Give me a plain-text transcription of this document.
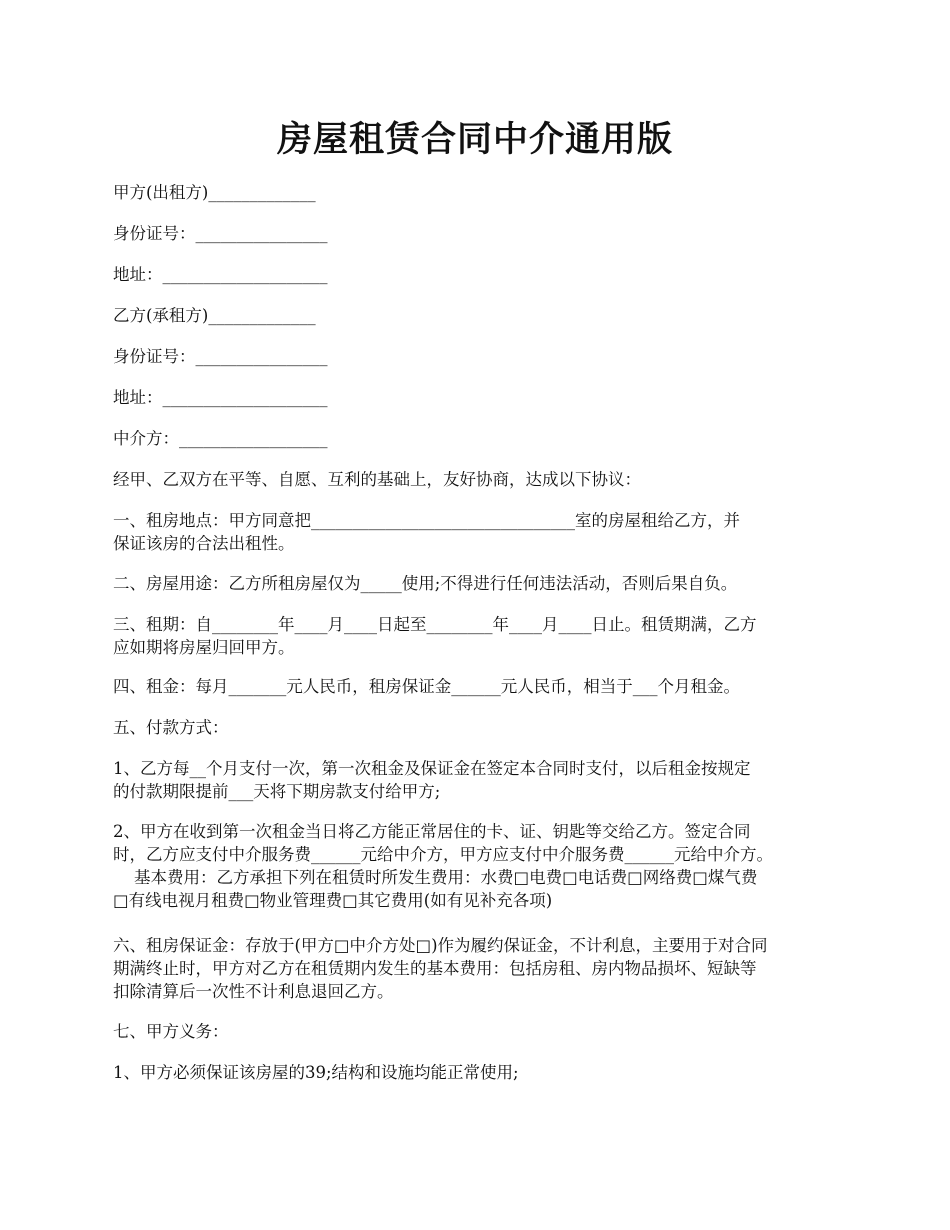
房屋租赁合同中介通用版
甲方(出租方)_____________
身份证号：________________
地址：____________________
乙方(承租方)_____________
身份证号：________________
地址：____________________
中介方：__________________
经甲、乙双方在平等、自愿、互利的基础上，友好协商，达成以下协议：
一、租房地点：甲方同意把________________________________室的房屋租给乙方，并
保证该房的合法出租性。
二、房屋用途：乙方所租房屋仅为_____使用;不得进行任何违法活动，否则后果自负。
三、租期：自________年____月____日起至________年____月____日止。租赁期满，乙方
应如期将房屋归回甲方。
四、租金：每月_______元人民币，租房保证金______元人民币，相当于___个月租金。
五、付款方式：
1、乙方每__个月支付一次，第一次租金及保证金在签定本合同时支付，以后租金按规定
的付款期限提前___天将下期房款支付给甲方;
2、甲方在收到第一次租金当日将乙方能正常居住的卡、证、钥匙等交给乙方。签定合同
时，乙方应支付中介服务费______元给中介方，甲方应支付中介服务费______元给中介方。
基本费用：乙方承担下列在租赁时所发生费用：水费□电费□电话费□网络费□煤气费
□有线电视月租费□物业管理费□其它费用(如有见补充各项)
六、租房保证金：存放于(甲方□中介方处□)作为履约保证金，不计利息，主要用于对合同
期满终止时，甲方对乙方在租赁期内发生的基本费用：包括房租、房内物品损坏、短缺等
扣除清算后一次性不计利息退回乙方。
七、甲方义务：
1、甲方必须保证该房屋的39;结构和设施均能正常使用;
